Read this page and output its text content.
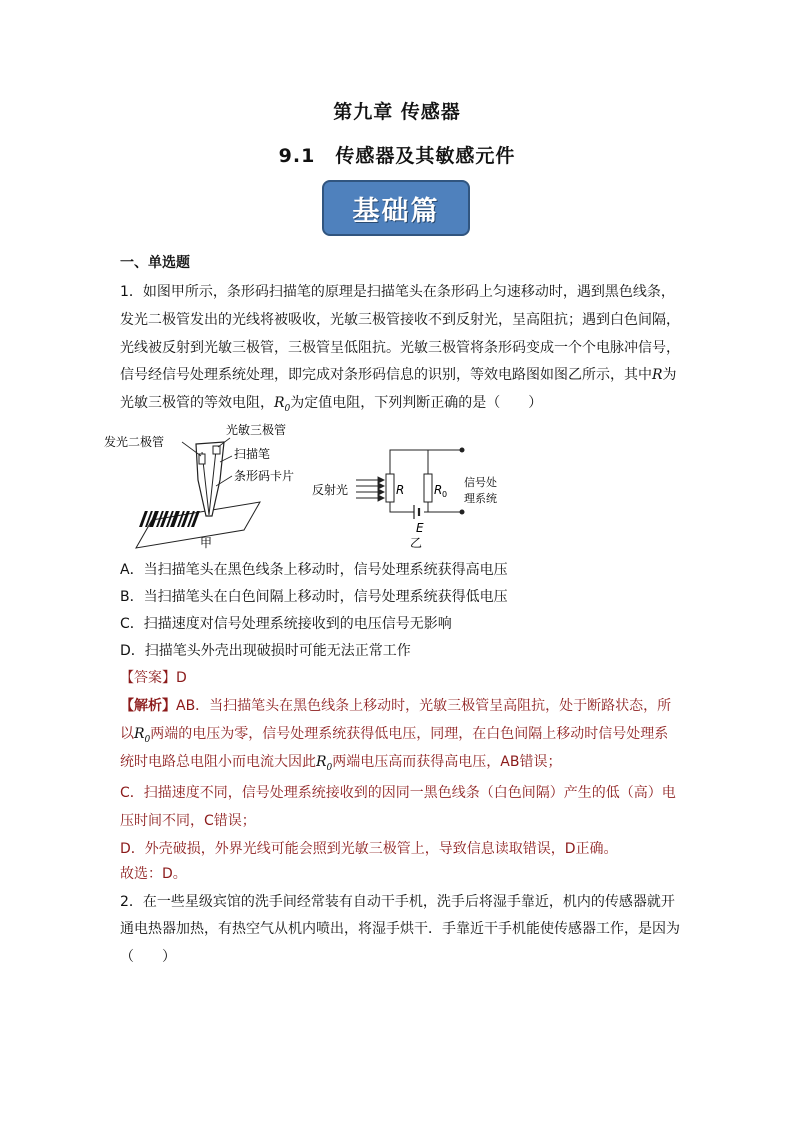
第九章 传感器
9.1　传感器及其敏感元件
基础篇
一、单选题
1．如图甲所示，条形码扫描笔的原理是扫描笔头在条形码上匀速移动时，遇到黑色线条，
发光二极管发出的光线将被吸收，光敏三极管接收不到反射光，呈高阻抗；遇到白色间隔，
光线被反射到光敏三极管，三极管呈低阻抗。光敏三极管将条形码变成一个个电脉冲信号，
信号经信号处理系统处理，即完成对条形码信息的识别，等效电路图如图乙所示，其中R为
光敏三极管的等效电阻，$R_0$为定值电阻，下列判断正确的是（　　）
发光二极管
光敏三极管
扫描笔
条形码卡片
甲
反射光	R R 0
E
信号处
理系统
乙
A．当扫描笔头在黑色线条上移动时，信号处理系统获得高电压
B．当扫描笔头在白色间隔上移动时，信号处理系统获得低电压
C．扫描速度对信号处理系统接收到的电压信号无影响
D．扫描笔头外壳出现破损时可能无法正常工作
【答案】D
【解析】AB．当扫描笔头在黑色线条上移动时，光敏三极管呈高阻抗，处于断路状态，所
以$R_0$两端的电压为零，信号处理系统获得低电压，同理，在白色间隔上移动时信号处理系
统时电路总电阻小而电流大因此$R_0$两端电压高而获得高电压，AB错误；
C．扫描速度不同，信号处理系统接收到的因同一黑色线条（白色间隔）产生的低（高）电
压时间不同，C错误；
D．外壳破损，外界光线可能会照到光敏三极管上，导致信息读取错误，D正确。
故选：D。
2．在一些星级宾馆的洗手间经常装有自动干手机，洗手后将湿手靠近，机内的传感器就开
通电热器加热，有热空气从机内喷出，将湿手烘干．手靠近干手机能使传感器工作，是因为
（　　）
